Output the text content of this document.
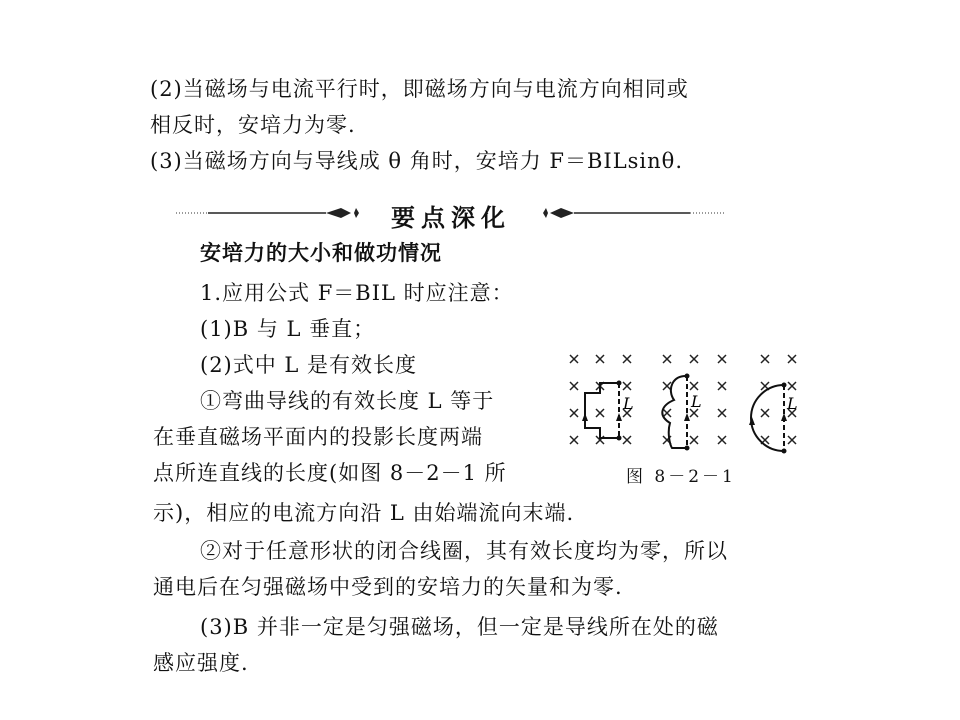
(2)当磁场与电流平行时，即磁场方向与电流方向相同或
相反时，安培力为零.
(3)当磁场方向与导线成 θ 角时，安培力 F＝BILsinθ.
要点深化
安培力的大小和做功情况
1.应用公式 F＝BIL 时应注意：
(1)B 与 L 垂直；
(2)式中 L 是有效长度
①弯曲导线的有效长度 L 等于
在垂直磁场平面内的投影长度两端
点所连直线的长度(如图 8－2－1 所
示)，相应的电流方向沿 L 由始端流向末端.
②对于任意形状的闭合线圈，其有效长度均为零，所以
通电后在匀强磁场中受到的安培力的矢量和为零.
(3)B 并非一定是匀强磁场，但一定是导线所在处的磁
感应强度.
L	L	L
图 8－2－1
